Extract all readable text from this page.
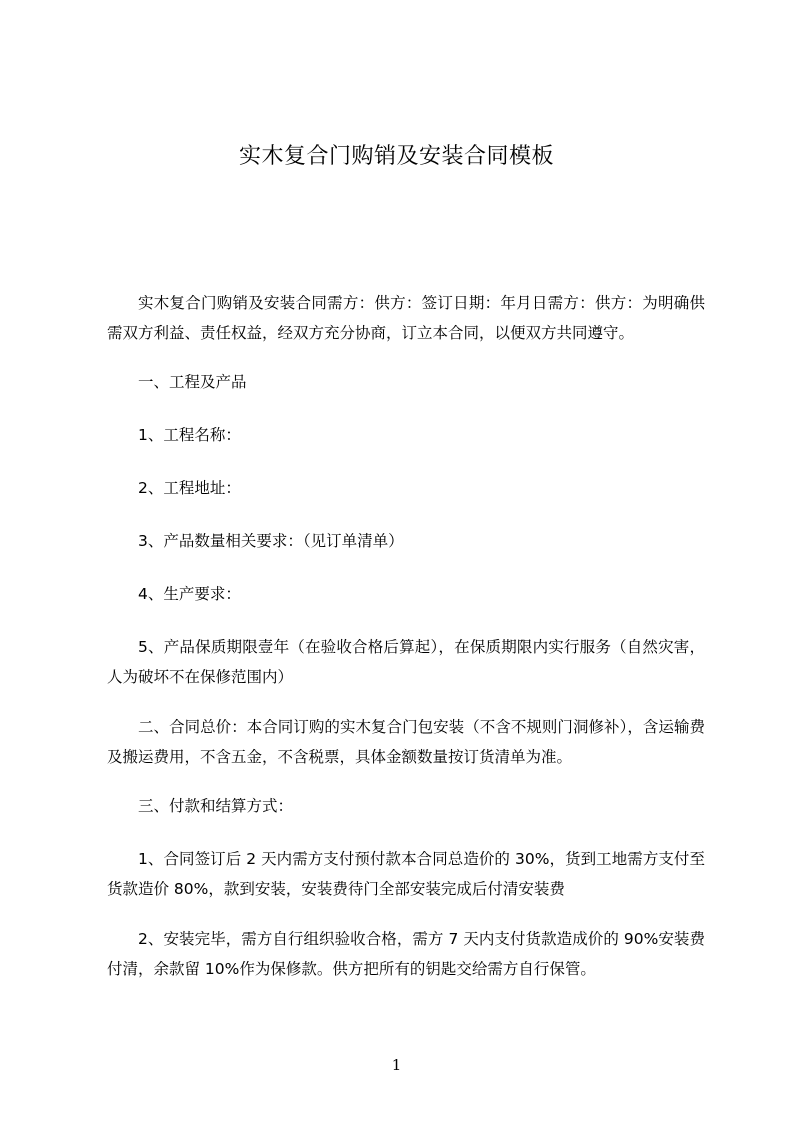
实木复合门购销及安装合同模板

实木复合门购销及安装合同需方：供方：签订日期：年月日需方：供方：为明确供需双方利益、责任权益，经双方充分协商，订立本合同，以便双方共同遵守。

一、工程及产品

1、工程名称：

2、工程地址：

3、产品数量相关要求：（见订单清单）

4、生产要求：

5、产品保质期限壹年（在验收合格后算起），在保质期限内实行服务（自然灾害，人为破坏不在保修范围内）

二、合同总价：本合同订购的实木复合门包安装（不含不规则门洞修补），含运输费及搬运费用，不含五金，不含税票，具体金额数量按订货清单为准。

三、付款和结算方式：

1、合同签订后 2 天内需方支付预付款本合同总造价的 30%，货到工地需方支付至货款造价 80%，款到安装，安装费待门全部安装完成后付清安装费

2、安装完毕，需方自行组织验收合格，需方 7 天内支付货款造成价的 90%安装费付清，余款留 10%作为保修款。供方把所有的钥匙交给需方自行保管。

1
